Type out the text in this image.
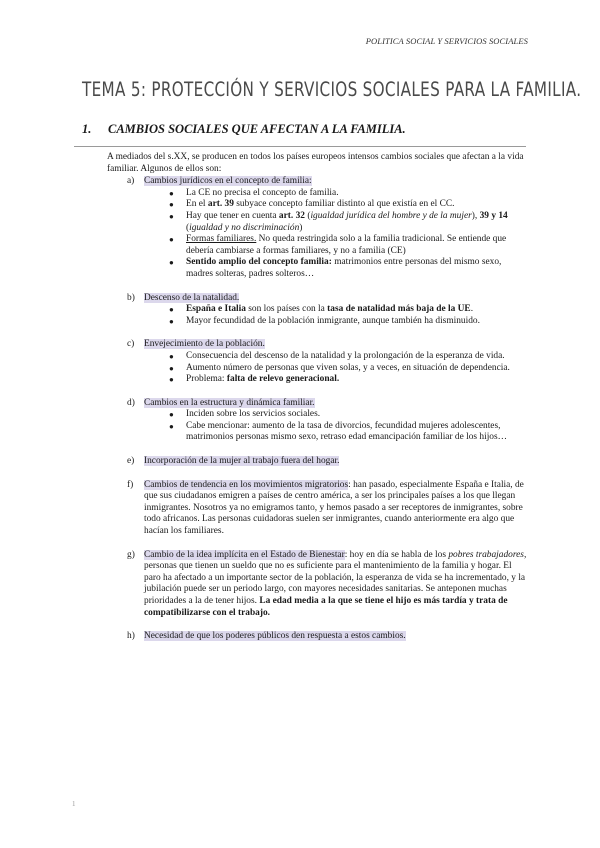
POLITICA SOCIAL Y SERVICIOS SOCIALES
TEMA 5: PROTECCIÓN Y SERVICIOS SOCIALES PARA LA FAMILIA.
1. CAMBIOS SOCIALES QUE AFECTAN A LA FAMILIA.

A mediados del s.XX, se producen en todos los países europeos intensos cambios sociales que afectan a la vida familiar. Algunos de ellos son:

a) Cambios jurídicos en el concepto de familia:

● La CE no precisa el concepto de familia.
● En el art. 39 subyace concepto familiar distinto al que existía en el CC.
● Hay que tener en cuenta art. 32 (igualdad jurídica del hombre y de la mujer), 39 y 14 (igualdad y no discriminación)
● Formas familiares. No queda restringida solo a la familia tradicional. Se entiende que debería cambiarse a formas familiares, y no a familia (CE)
● Sentido amplio del concepto familia: matrimonios entre personas del mismo sexo, madres solteras, padres solteros…
b) Descenso de la natalidad.

● España e Italia son los países con la tasa de natalidad más baja de la UE.
● Mayor fecundidad de la población inmigrante, aunque también ha disminuido.
c) Envejecimiento de la población.

● Consecuencia del descenso de la natalidad y la prolongación de la esperanza de vida.
● Aumento número de personas que viven solas, y a veces, en situación de dependencia.
● Problema: falta de relevo generacional.
d) Cambios en la estructura y dinámica familiar.

● Inciden sobre los servicios sociales.
● Cabe mencionar: aumento de la tasa de divorcios, fecundidad mujeres adolescentes, matrimonios personas mismo sexo, retraso edad emancipación familiar de los hijos…
e) Incorporación de la mujer al trabajo fuera del hogar.

f) Cambios de tendencia en los movimientos migratorios: han pasado, especialmente España e Italia, de que sus ciudadanos emigren a países de centro américa, a ser los principales países a los que llegan inmigrantes. Nosotros ya no emigramos tanto, y hemos pasado a ser receptores de inmigrantes, sobre todo africanos. Las personas cuidadoras suelen ser inmigrantes, cuando anteriormente era algo que hacían los familiares.

g) Cambio de la idea implícita en el Estado de Bienestar: hoy en día se habla de los pobres trabajadores, personas que tienen un sueldo que no es suficiente para el mantenimiento de la familia y hogar. El paro ha afectado a un importante sector de la población, la esperanza de vida se ha incrementado, y la jubilación puede ser un periodo largo, con mayores necesidades sanitarias. Se anteponen muchas prioridades a la de tener hijos. La edad media a la que se tiene el hijo es más tardía y trata de compatibilizarse con el trabajo.

h) Necesidad de que los poderes públicos den respuesta a estos cambios.

1
